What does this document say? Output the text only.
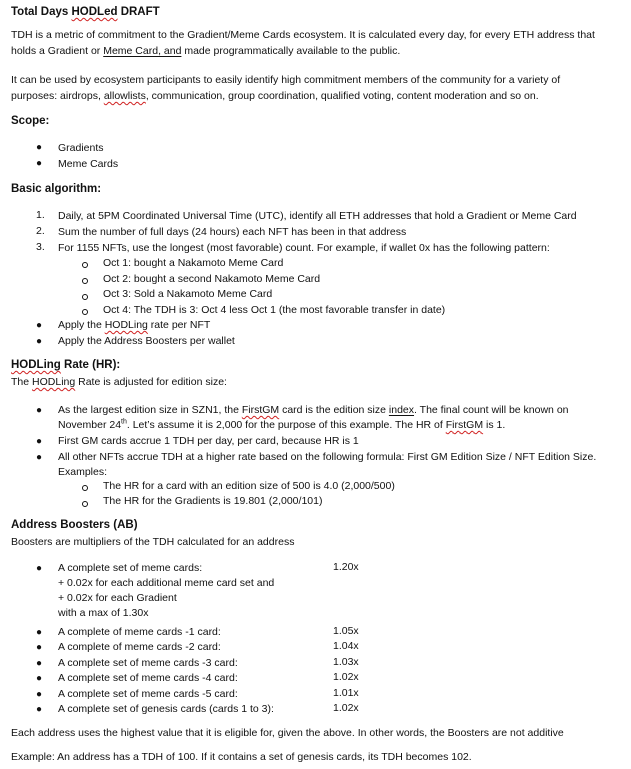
Total Days HODLed DRAFT
TDH is a metric of commitment to the Gradient/Meme Cards ecosystem. It is calculated every day, for every ETH address that
holds a Gradient or Meme Card, and made programmatically available to the public.
It can be used by ecosystem participants to easily identify high commitment members of the community for a variety of
purposes: airdrops, allowlists, communication, group coordination, qualified voting, content moderation and so on.
Scope:
● Gradients
● Meme Cards
Basic algorithm:
1. Daily, at 5PM Coordinated Universal Time (UTC), identify all ETH addresses that hold a Gradient or Meme Card
2. Sum the number of full days (24 hours) each NFT has been in that address
3. For 1155 NFTs, use the longest (most favorable) count. For example, if wallet 0x has the following pattern:
Oct 1: bought a Nakamoto Meme Card
Oct 2: bought a second Nakamoto Meme Card
Oct 3: Sold a Nakamoto Meme Card
Oct 4: The TDH is 3: Oct 4 less Oct 1 (the most favorable transfer in date)
● Apply the HODLing rate per NFT
● Apply the Address Boosters per wallet
HODLing Rate (HR):
The HODLing Rate is adjusted for edition size:
● As the largest edition size in SZN1, the FirstGM card is the edition size index. The final count will be known on
November 24th. Let’s assume it is 2,000 for the purpose of this example. The HR of FirstGM is 1.
● First GM cards accrue 1 TDH per day, per card, because HR is 1
● All other NFTs accrue TDH at a higher rate based on the following formula: First GM Edition Size / NFT Edition Size.
Examples:
The HR for a card with an edition size of 500 is 4.0 (2,000/500)
The HR for the Gradients is 19.801 (2,000/101)
Address Boosters (AB)
Boosters are multipliers of the TDH calculated for an address
● A complete set of meme cards:	1.20x
+ 0.02x for each additional meme card set and
+ 0.02x for each Gradient
with a max of 1.30x
● A complete of meme cards -1 card:	1.05x
● A complete of meme cards -2 card:	1.04x
● A complete set of meme cards -3 card:	1.03x
● A complete set of meme cards -4 card:	1.02x
● A complete set of meme cards -5 card:	1.01x
● A complete set of genesis cards (cards 1 to 3):	1.02x
Each address uses the highest value that it is eligible for, given the above. In other words, the Boosters are not additive
Example: An address has a TDH of 100. If it contains a set of genesis cards, its TDH becomes 102.
